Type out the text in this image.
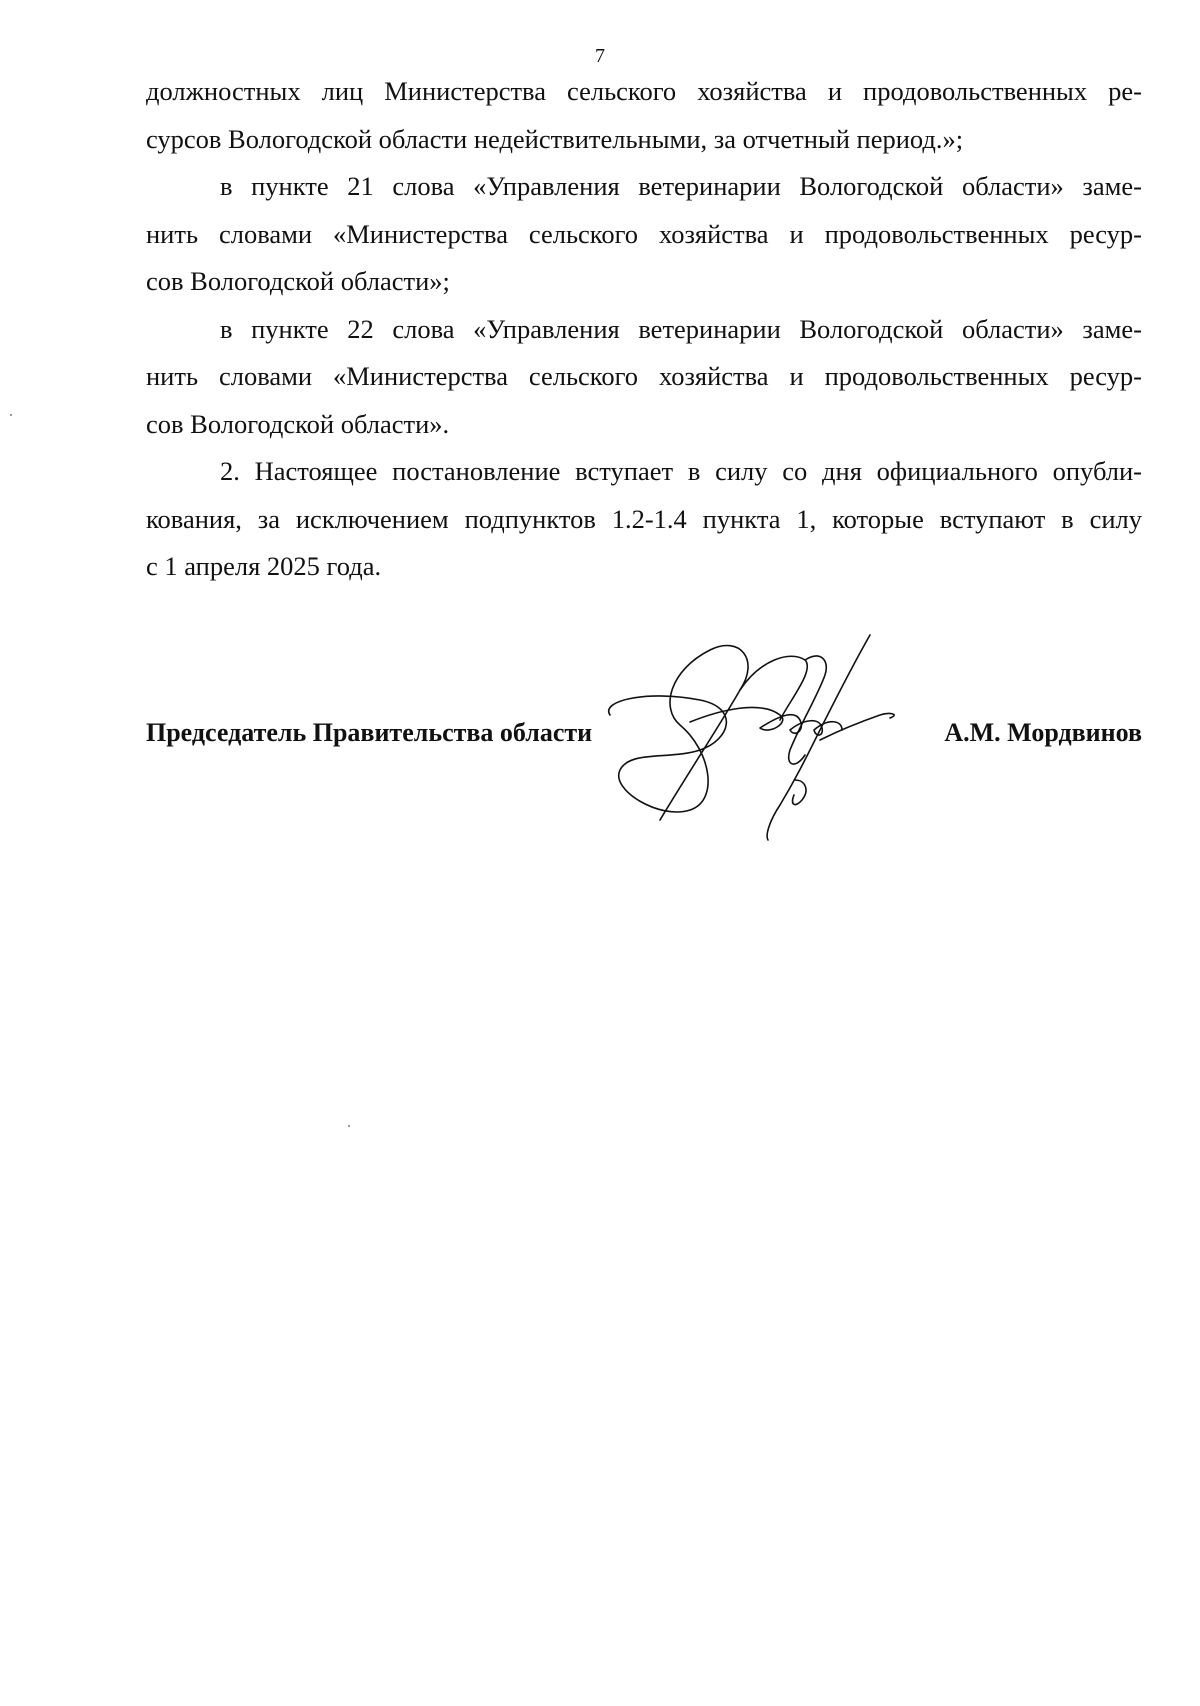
7
должностных лиц Министерства сельского хозяйства и продовольственных ре-
сурсов Вологодской области недействительными, за отчетный период.»;
в пункте 21 слова «Управления ветеринарии Вологодской области» заме-
нить словами «Министерства сельского хозяйства и продовольственных ресур-
сов Вологодской области»;
в пункте 22 слова «Управления ветеринарии Вологодской области» заме-
нить словами «Министерства сельского хозяйства и продовольственных ресур-
сов Вологодской области».
2. Настоящее постановление вступает в силу со дня официального опубли-
кования, за исключением подпунктов 1.2-1.4 пункта 1, которые вступают в силу
с 1 апреля 2025 года.
Председатель Правительства области	А.М. Мордвинов
